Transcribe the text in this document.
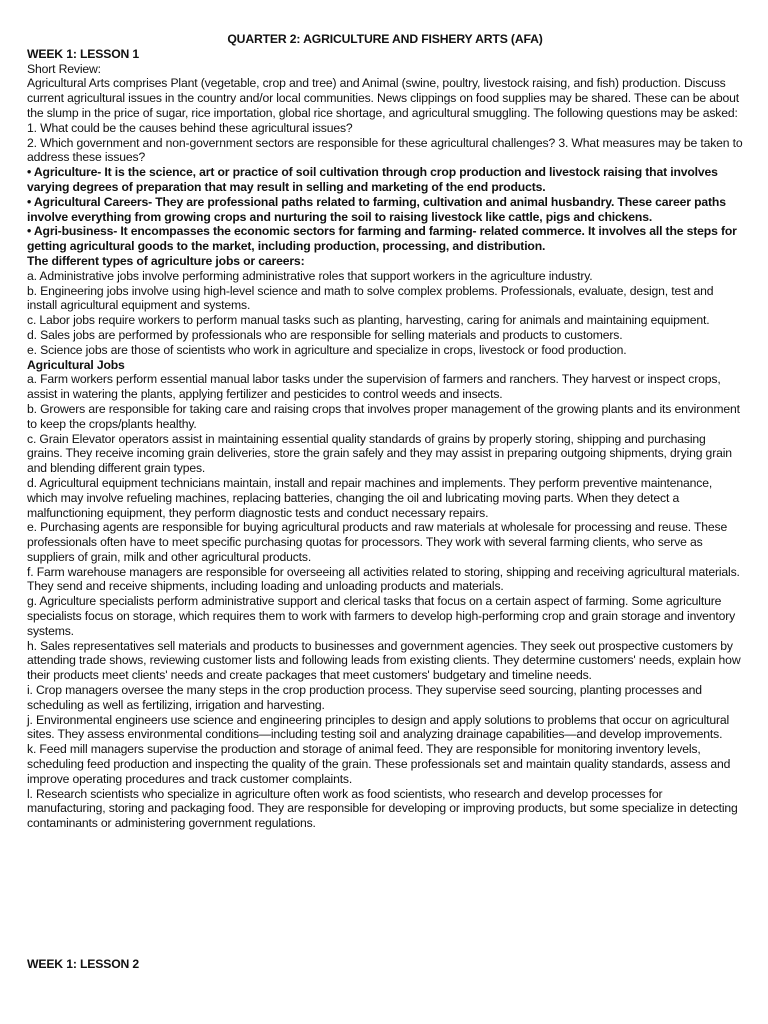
QUARTER 2: AGRICULTURE AND FISHERY ARTS (AFA)

WEEK 1: LESSON 1

Short Review:

Agricultural Arts comprises Plant (vegetable, crop and tree) and Animal (swine, poultry, livestock raising, and fish) production. Discuss current agricultural issues in the country and/or local communities. News clippings on food supplies may be shared. These can be about the slump in the price of sugar, rice importation, global rice shortage, and agricultural smuggling. The following questions may be asked:

1. What could be the causes behind these agricultural issues?

2. Which government and non-government sectors are responsible for these agricultural challenges? 3. What measures may be taken to address these issues?

• Agriculture- It is the science, art or practice of soil cultivation through crop production and livestock raising that involves varying degrees of preparation that may result in selling and marketing of the end products.

• Agricultural Careers- They are professional paths related to farming, cultivation and animal husbandry. These career paths involve everything from growing crops and nurturing the soil to raising livestock like cattle, pigs and chickens.

• Agri-business- It encompasses the economic sectors for farming and farming- related commerce. It involves all the steps for getting agricultural goods to the market, including production, processing, and distribution.

The different types of agriculture jobs or careers:

a. Administrative jobs involve performing administrative roles that support workers in the agriculture industry.

b. Engineering jobs involve using high-level science and math to solve complex problems. Professionals, evaluate, design, test and install agricultural equipment and systems.

c. Labor jobs require workers to perform manual tasks such as planting, harvesting, caring for animals and maintaining equipment.

d. Sales jobs are performed by professionals who are responsible for selling materials and products to customers.

e. Science jobs are those of scientists who work in agriculture and specialize in crops, livestock or food production.

Agricultural Jobs

a. Farm workers perform essential manual labor tasks under the supervision of farmers and ranchers. They harvest or inspect crops, assist in watering the plants, applying fertilizer and pesticides to control weeds and insects.

b. Growers are responsible for taking care and raising crops that involves proper management of the growing plants and its environment to keep the crops/plants healthy.

c. Grain Elevator operators assist in maintaining essential quality standards of grains by properly storing, shipping and purchasing grains. They receive incoming grain deliveries, store the grain safely and they may assist in preparing outgoing shipments, drying grain and blending different grain types.

d. Agricultural equipment technicians maintain, install and repair machines and implements. They perform preventive maintenance, which may involve refueling machines, replacing batteries, changing the oil and lubricating moving parts. When they detect a malfunctioning equipment, they perform diagnostic tests and conduct necessary repairs.

e. Purchasing agents are responsible for buying agricultural products and raw materials at wholesale for processing and reuse. These professionals often have to meet specific purchasing quotas for processors. They work with several farming clients, who serve as suppliers of grain, milk and other agricultural products.

f. Farm warehouse managers are responsible for overseeing all activities related to storing, shipping and receiving agricultural materials. They send and receive shipments, including loading and unloading products and materials.

g. Agriculture specialists perform administrative support and clerical tasks that focus on a certain aspect of farming. Some agriculture specialists focus on storage, which requires them to work with farmers to develop high-performing crop and grain storage and inventory systems.

h. Sales representatives sell materials and products to businesses and government agencies. They seek out prospective customers by attending trade shows, reviewing customer lists and following leads from existing clients. They determine customers' needs, explain how their products meet clients' needs and create packages that meet customers' budgetary and timeline needs.

i. Crop managers oversee the many steps in the crop production process. They supervise seed sourcing, planting processes and scheduling as well as fertilizing, irrigation and harvesting.

j. Environmental engineers use science and engineering principles to design and apply solutions to problems that occur on agricultural sites. They assess environmental conditions—including testing soil and analyzing drainage capabilities—and develop improvements.

k. Feed mill managers supervise the production and storage of animal feed. They are responsible for monitoring inventory levels, scheduling feed production and inspecting the quality of the grain. These professionals set and maintain quality standards, assess and improve operating procedures and track customer complaints.

l. Research scientists who specialize in agriculture often work as food scientists, who research and develop processes for manufacturing, storing and packaging food. They are responsible for developing or improving products, but some specialize in detecting contaminants or administering government regulations.

WEEK 1: LESSON 2
